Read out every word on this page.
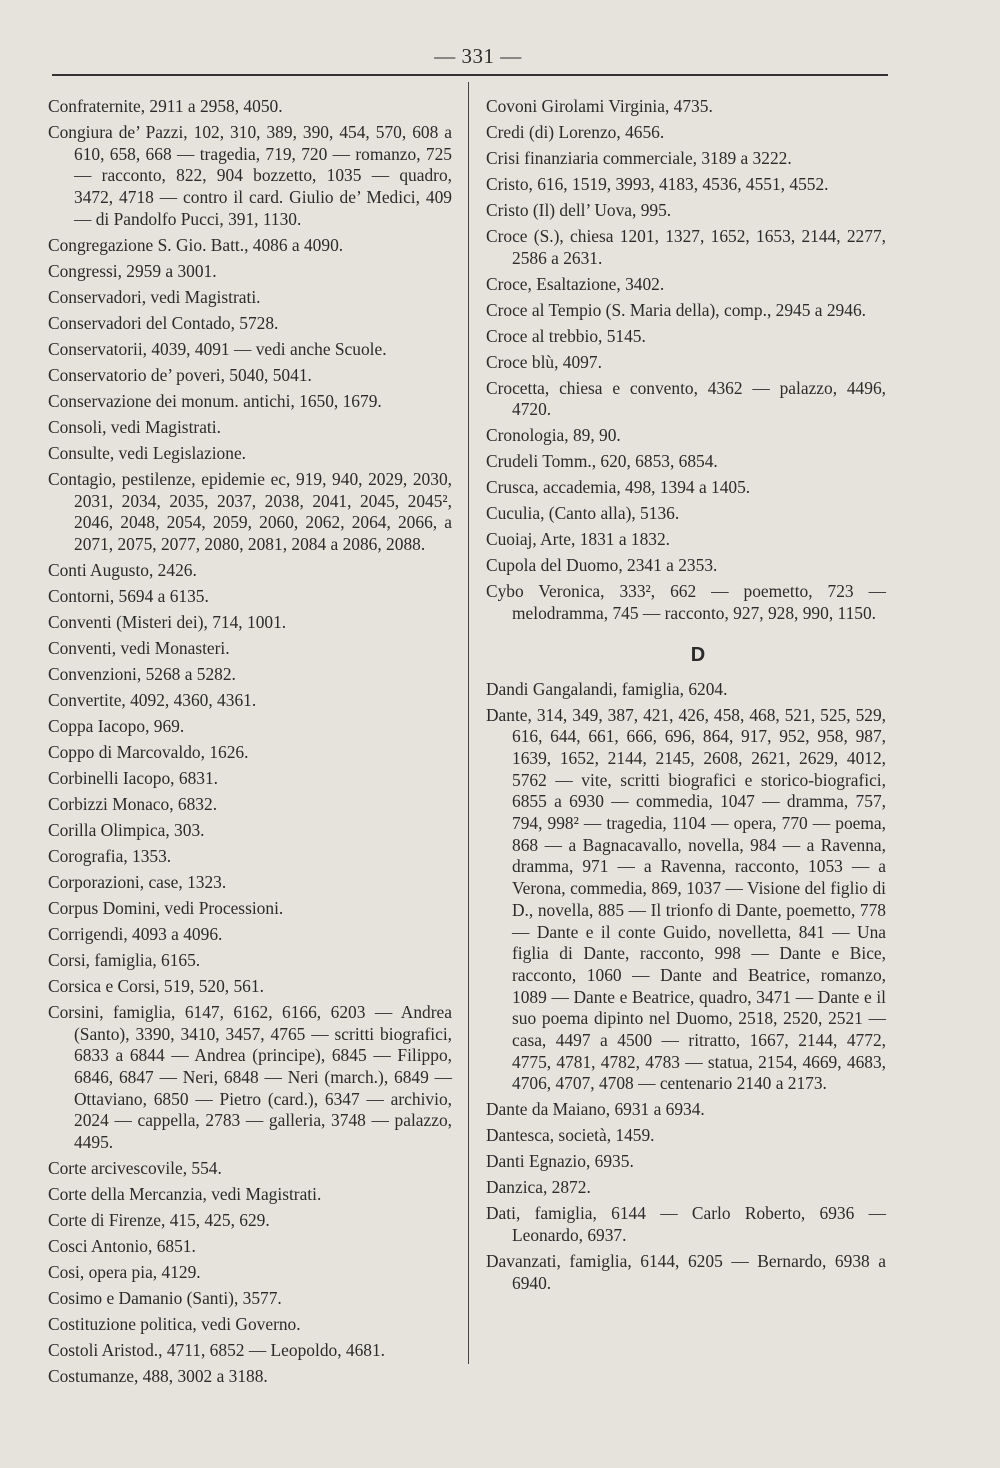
— 331 —

Confraternite, 2911 a 2958, 4050.

Congiura de’ Pazzi, 102, 310, 389, 390, 454, 570, 608 a 610, 658, 668 — tragedia, 719, 720 — romanzo, 725 — racconto, 822, 904 bozzetto, 1035 — quadro, 3472, 4718 — contro il card. Giulio de’ Medici, 409 — di Pandolfo Pucci, 391, 1130.

Congregazione S. Gio. Batt., 4086 a 4090.

Congressi, 2959 a 3001.

Conservadori, vedi Magistrati.

Conservadori del Contado, 5728.

Conservatorii, 4039, 4091 — vedi anche Scuole.

Conservatorio de’ poveri, 5040, 5041.

Conservazione dei monum. antichi, 1650, 1679.

Consoli, vedi Magistrati.

Consulte, vedi Legislazione.

Contagio, pestilenze, epidemie ec, 919, 940, 2029, 2030, 2031, 2034, 2035, 2037, 2038, 2041, 2045, 2045², 2046, 2048, 2054, 2059, 2060, 2062, 2064, 2066, a 2071, 2075, 2077, 2080, 2081, 2084 a 2086, 2088.

Conti Augusto, 2426.

Contorni, 5694 a 6135.

Conventi (Misteri dei), 714, 1001.

Conventi, vedi Monasteri.

Convenzioni, 5268 a 5282.

Convertite, 4092, 4360, 4361.

Coppa Iacopo, 969.

Coppo di Marcovaldo, 1626.

Corbinelli Iacopo, 6831.

Corbizzi Monaco, 6832.

Corilla Olimpica, 303.

Corografia, 1353.

Corporazioni, case, 1323.

Corpus Domini, vedi Processioni.

Corrigendi, 4093 a 4096.

Corsi, famiglia, 6165.

Corsica e Corsi, 519, 520, 561.

Corsini, famiglia, 6147, 6162, 6166, 6203 — Andrea (Santo), 3390, 3410, 3457, 4765 — scritti biografici, 6833 a 6844 — Andrea (principe), 6845 — Filippo, 6846, 6847 — Neri, 6848 — Neri (march.), 6849 — Ottaviano, 6850 — Pietro (card.), 6347 — archivio, 2024 — cappella, 2783 — galleria, 3748 — palazzo, 4495.

Corte arcivescovile, 554.

Corte della Mercanzia, vedi Magistrati.

Corte di Firenze, 415, 425, 629.

Cosci Antonio, 6851.

Cosi, opera pia, 4129.

Cosimo e Damanio (Santi), 3577.

Costituzione politica, vedi Governo.

Costoli Aristod., 4711, 6852 — Leopoldo, 4681.

Costumanze, 488, 3002 a 3188.

Covoni Girolami Virginia, 4735.

Credi (di) Lorenzo, 4656.

Crisi finanziaria commerciale, 3189 a 3222.

Cristo, 616, 1519, 3993, 4183, 4536, 4551, 4552.

Cristo (Il) dell’ Uova, 995.

Croce (S.), chiesa 1201, 1327, 1652, 1653, 2144, 2277, 2586 a 2631.

Croce, Esaltazione, 3402.

Croce al Tempio (S. Maria della), comp., 2945 a 2946.

Croce al trebbio, 5145.

Croce blù, 4097.

Crocetta, chiesa e convento, 4362 — palazzo, 4496, 4720.

Cronologia, 89, 90.

Crudeli Tomm., 620, 6853, 6854.

Crusca, accademia, 498, 1394 a 1405.

Cuculia, (Canto alla), 5136.

Cuoiaj, Arte, 1831 a 1832.

Cupola del Duomo, 2341 a 2353.

Cybo Veronica, 333², 662 — poemetto, 723 — melodramma, 745 — racconto, 927, 928, 990, 1150.

D

Dandi Gangalandi, famiglia, 6204.

Dante, 314, 349, 387, 421, 426, 458, 468, 521, 525, 529, 616, 644, 661, 666, 696, 864, 917, 952, 958, 987, 1639, 1652, 2144, 2145, 2608, 2621, 2629, 4012, 5762 — vite, scritti biografici e storico-biografici, 6855 a 6930 — commedia, 1047 — dramma, 757, 794, 998² — tragedia, 1104 — opera, 770 — poema, 868 — a Bagnacavallo, novella, 984 — a Ravenna, dramma, 971 — a Ravenna, racconto, 1053 — a Verona, commedia, 869, 1037 — Visione del figlio di D., novella, 885 — Il trionfo di Dante, poemetto, 778 — Dante e il conte Guido, novelletta, 841 — Una figlia di Dante, racconto, 998 — Dante e Bice, racconto, 1060 — Dante and Beatrice, romanzo, 1089 — Dante e Beatrice, quadro, 3471 — Dante e il suo poema dipinto nel Duomo, 2518, 2520, 2521 — casa, 4497 a 4500 — ritratto, 1667, 2144, 4772, 4775, 4781, 4782, 4783 — statua, 2154, 4669, 4683, 4706, 4707, 4708 — centenario 2140 a 2173.

Dante da Maiano, 6931 a 6934.

Dantesca, società, 1459.

Danti Egnazio, 6935.

Danzica, 2872.

Dati, famiglia, 6144 — Carlo Roberto, 6936 — Leonardo, 6937.

Davanzati, famiglia, 6144, 6205 — Bernardo, 6938 a 6940.
